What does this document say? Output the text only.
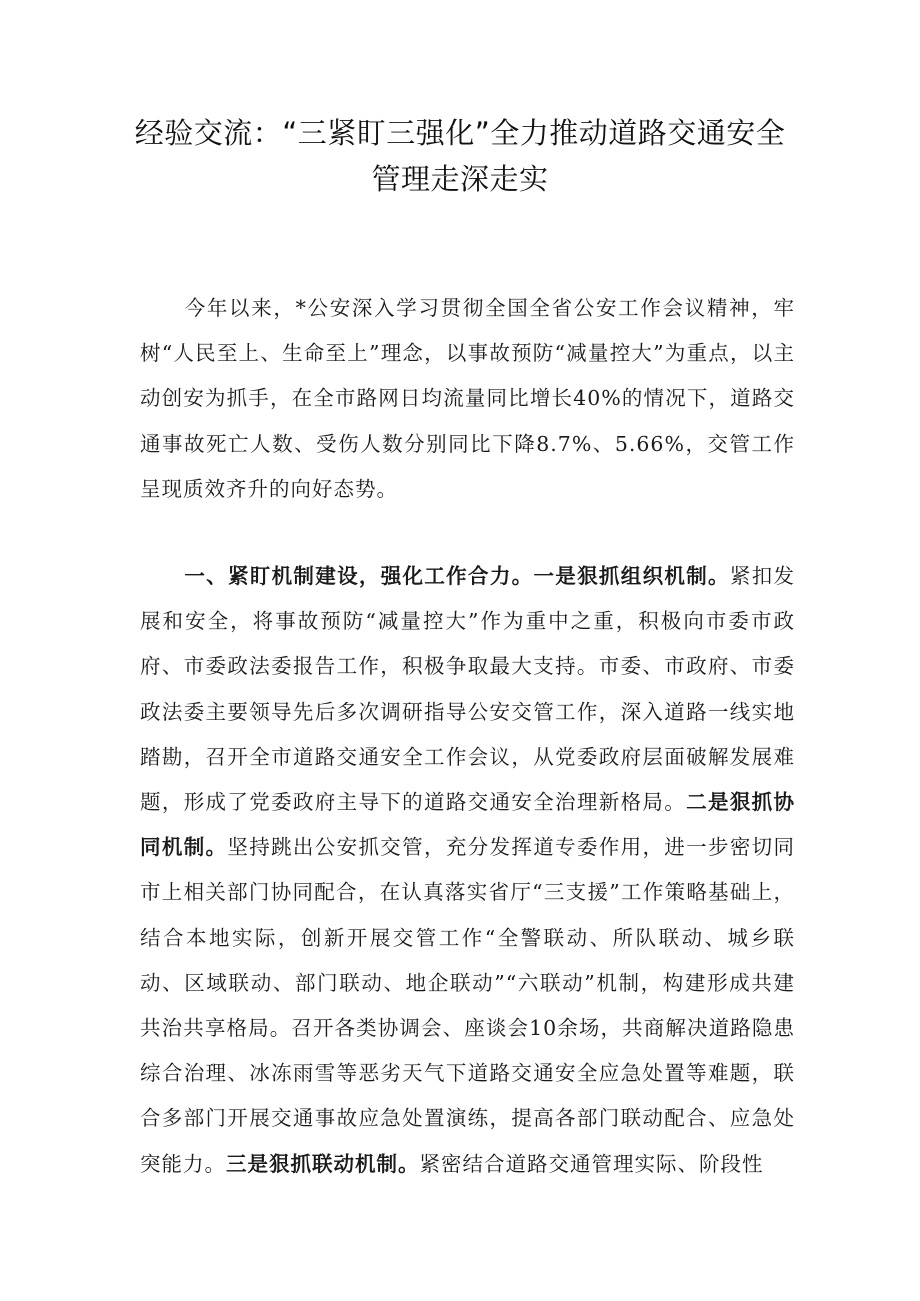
经验交流：“三紧盯三强化”全力推动道路交通安全
管理走深走实

今年以来，*公安深入学习贯彻全国全省公安工作会议精神，牢树“人民至上、生命至上”理念，以事故预防“减量控大”为重点，以主动创安为抓手，在全市路网日均流量同比增长40%的情况下，道路交通事故死亡人数、受伤人数分别同比下降8.7%、5.66%，交管工作呈现质效齐升的向好态势。

一、紧盯机制建设，强化工作合力。一是狠抓组织机制。紧扣发展和安全，将事故预防“减量控大”作为重中之重，积极向市委市政府、市委政法委报告工作，积极争取最大支持。市委、市政府、市委政法委主要领导先后多次调研指导公安交管工作，深入道路一线实地踏勘，召开全市道路交通安全工作会议，从党委政府层面破解发展难题，形成了党委政府主导下的道路交通安全治理新格局。二是狠抓协同机制。坚持跳出公安抓交管，充分发挥道专委作用，进一步密切同市上相关部门协同配合，在认真落实省厅“三支援”工作策略基础上，结合本地实际，创新开展交管工作“全警联动、所队联动、城乡联动、区域联动、部门联动、地企联动”“六联动”机制，构建形成共建共治共享格局。召开各类协调会、座谈会10余场，共商解决道路隐患综合治理、冰冻雨雪等恶劣天气下道路交通安全应急处置等难题，联合多部门开展交通事故应急处置演练，提高各部门联动配合、应急处突能力。三是狠抓联动机制。紧密结合道路交通管理实际、阶段性
